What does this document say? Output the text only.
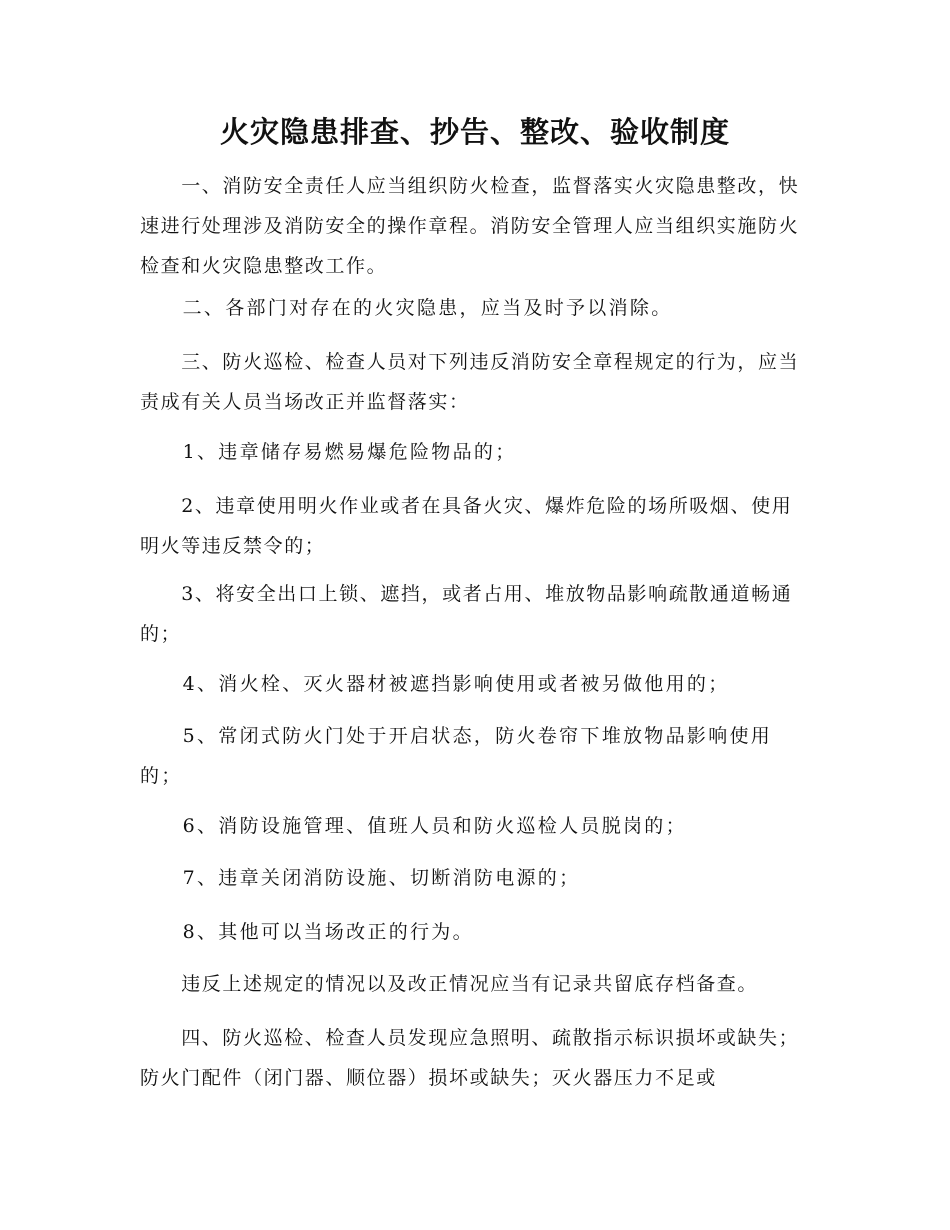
火灾隐患排查、抄告、整改、验收制度
　　一、消防安全责任人应当组织防火检查，监督落实火灾隐患整改，快速进行处理涉及消防安全的操作章程。消防安全管理人应当组织实施防火检查和火灾隐患整改工作。
　　二、各部门对存在的火灾隐患，应当及时予以消除。
　　三、防火巡检、检查人员对下列违反消防安全章程规定的行为，应当责成有关人员当场改正并监督落实：
　　1、违章储存易燃易爆危险物品的；
　　2、违章使用明火作业或者在具备火灾、爆炸危险的场所吸烟、使用明火等违反禁令的；
　　3、将安全出口上锁、遮挡，或者占用、堆放物品影响疏散通道畅通的；
　　4、消火栓、灭火器材被遮挡影响使用或者被另做他用的；
　　5、常闭式防火门处于开启状态，防火卷帘下堆放物品影响使用的；
　　6、消防设施管理、值班人员和防火巡检人员脱岗的；
　　7、违章关闭消防设施、切断消防电源的；
　　8、其他可以当场改正的行为。
　　违反上述规定的情况以及改正情况应当有记录共留底存档备查。
　　四、防火巡检、检查人员发现应急照明、疏散指示标识损坏或缺失；防火门配件（闭门器、顺位器）损坏或缺失；灭火器压力不足或
